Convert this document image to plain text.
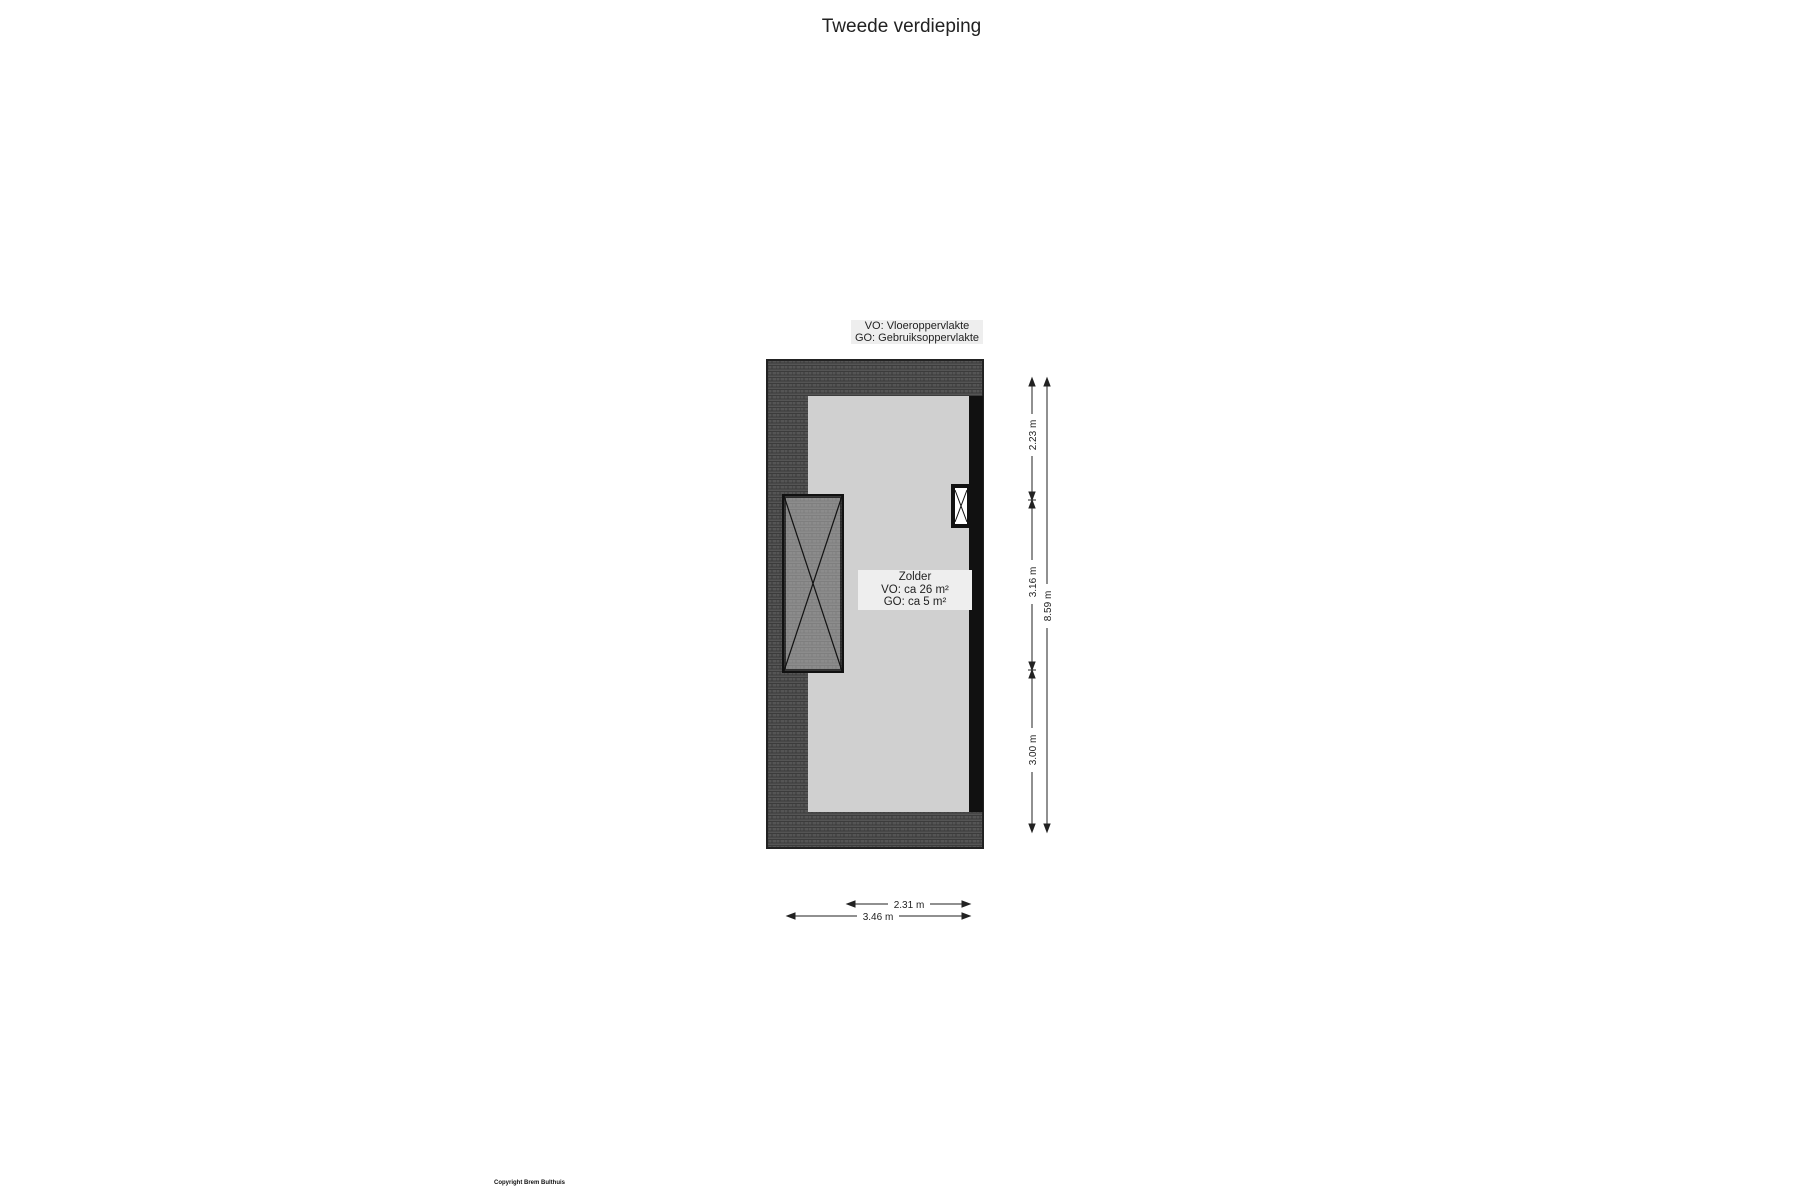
Tweede verdieping
VO: Vloeroppervlakte
GO: Gebruiksoppervlakte
2.23 m
3.16 m
3.00 m
8.59 m
2.31 m
3.46 m
Zolder
VO: ca 26 m²
GO: ca 5 m²
Copyright Brem Bulthuis
